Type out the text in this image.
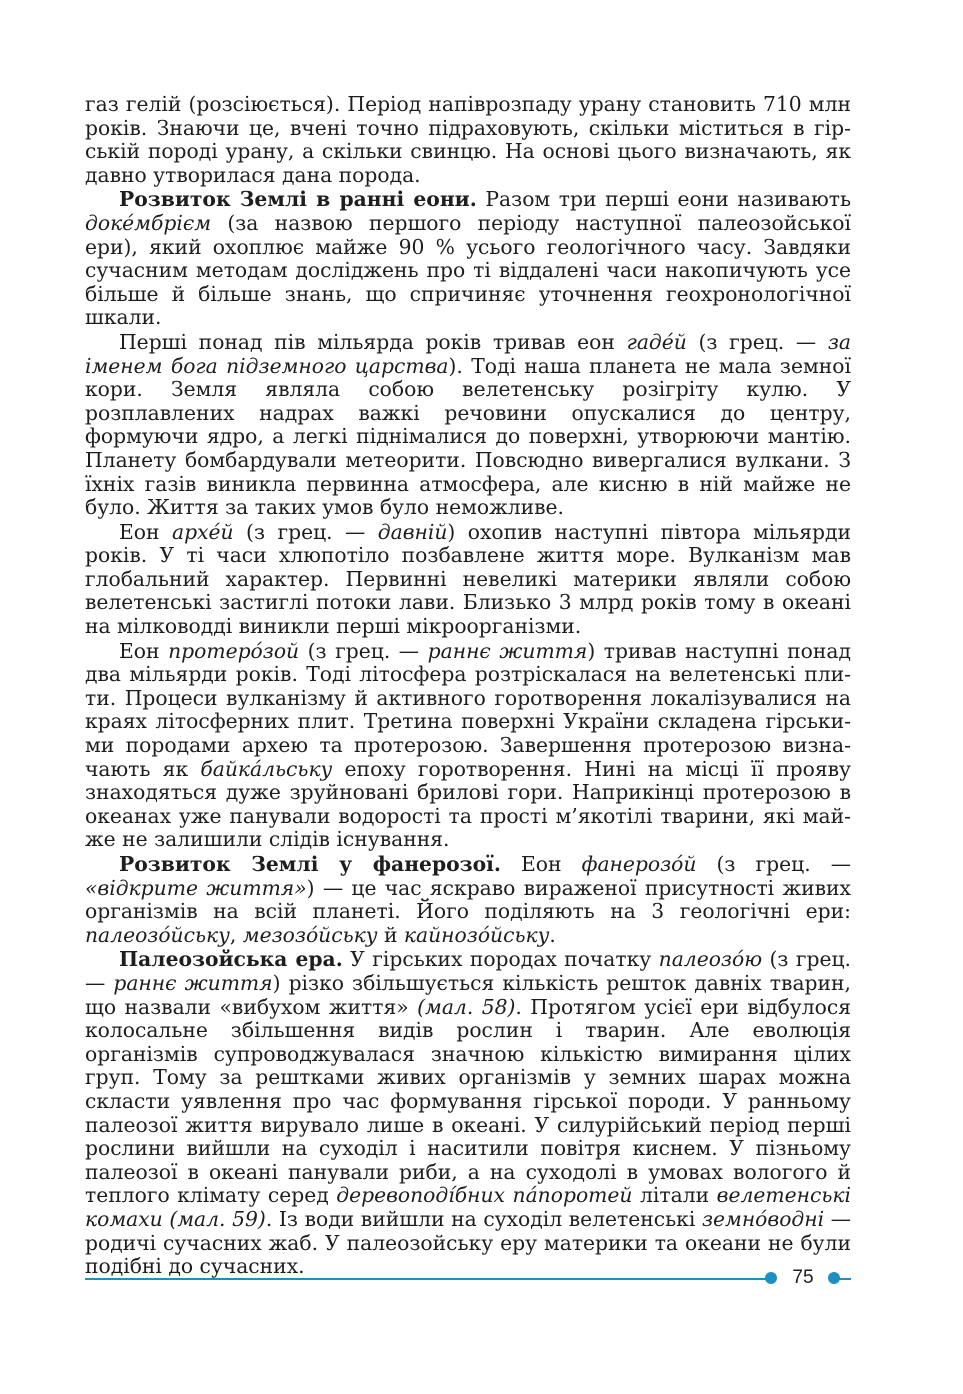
газ гелій (розсіюється). Період напіврозпаду урану становить 710 млн років. Знаючи це, вчені точно підраховують, скільки міститься в гірській породі урану, а скільки свинцю. На основі цього визначають, як давно утворилася дана порода.

Розвиток Землі в ранні еони. Разом три перші еони називають доке́мбрієм (за назвою першого періоду наступної палеозойської ери), який охоплює майже 90 % усього геологічного часу. Завдяки сучасним методам досліджень про ті віддалені часи накопичують усе більше й більше знань, що спричиняє уточнення геохронологічної шкали.

Перші понад пів мільярда років тривав еон гаде́й (з грец. — за іменем бога підземного царства). Тоді наша планета не мала земної кори. Земля являла собою велетенську розігріту кулю. У розплавлених надрах важкі речовини опускалися до центру, формуючи ядро, а легкі піднімалися до поверхні, утворюючи мантію. Планету бомбардували метеорити. Повсюдно вивергалися вулкани. З їхніх газів виникла первинна атмосфера, але кисню в ній майже не було. Життя за таких умов було неможливе.

Еон архе́й (з грец. — давній) охопив наступні півтора мільярди років. У ті часи хлюпотіло позбавлене життя море. Вулканізм мав глобальний характер. Первинні невеликі материки являли собою велетенські застиглі потоки лави. Близько 3 млрд років тому в океані на мілководді виникли перші мікроорганізми.

Еон протеро́зой (з грец. — раннє життя) тривав наступні понад два мільярди років. Тоді літосфера розтріскалася на велетенські плити. Процеси вулканізму й активного горотворення локалізувалися на краях літосферних плит. Третина поверхні України складена гірськими породами архею та протерозою. Завершення протерозою визначають як байка́льську епоху горотворення. Нині на місці її прояву знаходяться дуже зруйновані брилові гори. Наприкінці протерозою в океанах уже панували водорості та прості м’якотілі тварини, які майже не залишили слідів існування.

Розвиток Землі у фанерозої. Еон фанерозо́й (з грец. — «відкрите життя») — це час яскраво вираженої присутності живих організмів на всій планеті. Його поділяють на 3 геологічні ери: палеозо́йську, мезозо́йську й кайнозо́йську.

Палеозойська ера. У гірських породах початку палеозо́ю (з грец. — раннє життя) різко збільшується кількість решток давніх тварин, що назвали «вибухом життя» (мал. 58). Протягом усієї ери відбулося колосальне збільшення видів рослин і тварин. Але еволюція організмів супроводжувалася значною кількістю вимирання цілих груп. Тому за рештками живих організмів у земних шарах можна скласти уявлення про час формування гірської породи. У ранньому палеозої життя вирувало лише в океані. У силурійський період перші рослини вийшли на суходіл і наситили повітря киснем. У пізньому палеозої в океані панували риби, а на суходолі в умовах вологого й теплого клімату серед деревоподі́бних па́поротей літали велетенські комахи (мал. 59). Із води вийшли на суходіл велетенські земно́водні — родичі сучасних жаб. У палеозойську еру материки та океани не були подібні до сучасних.	75
